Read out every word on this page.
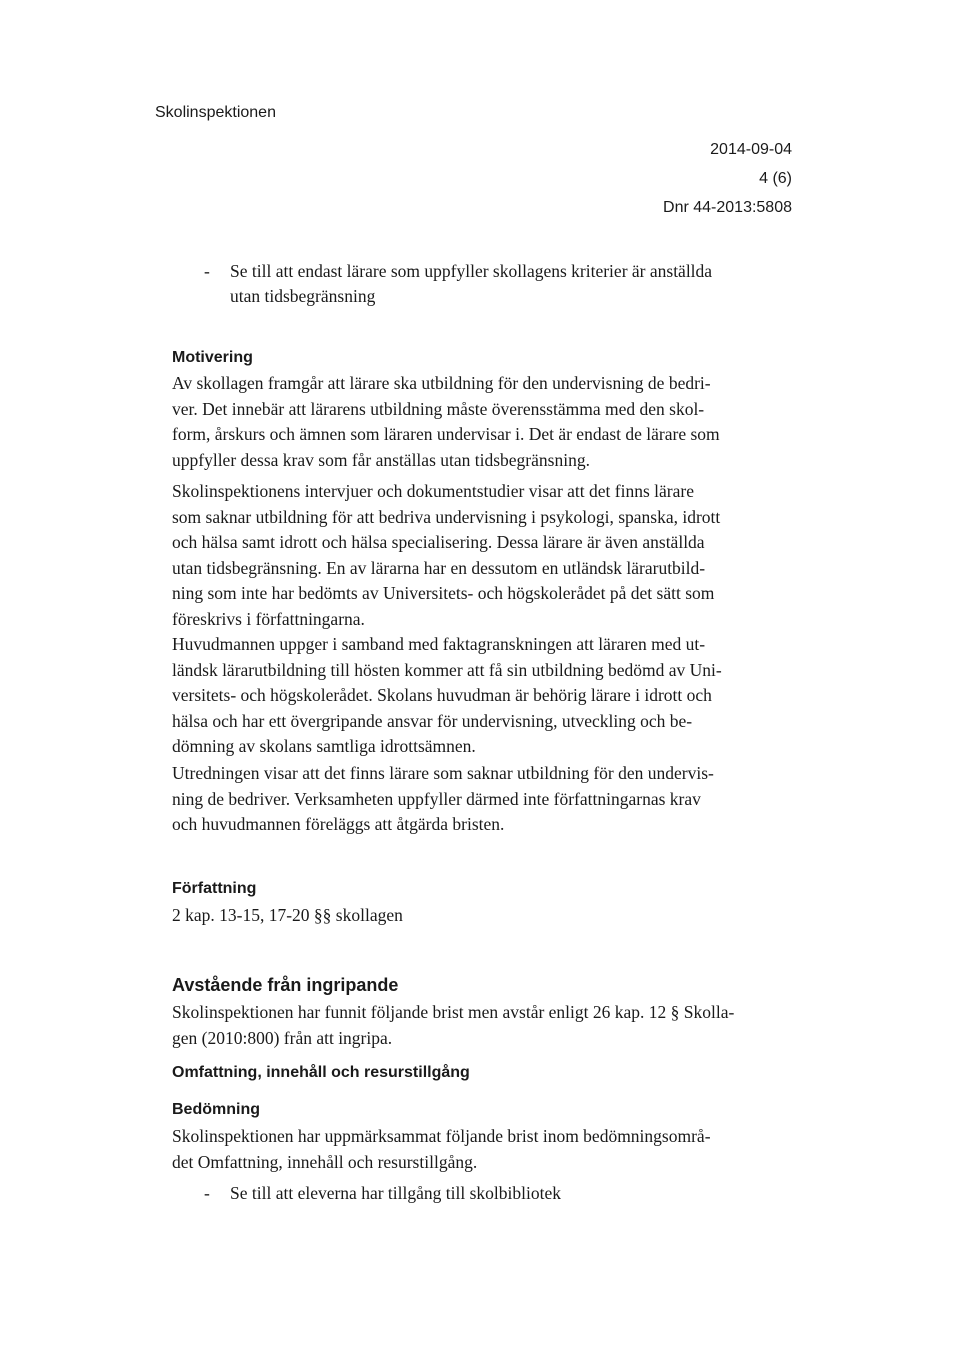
Skolinspektionen
2014-09-04
4 (6)
Dnr 44-2013:5808
- Se till att endast lärare som uppfyller skollagens kriterier är anställda
utan tidsbegränsning
Motivering
Av skollagen framgår att lärare ska utbildning för den undervisning de bedri-
ver. Det innebär att lärarens utbildning måste överensstämma med den skol-
form, årskurs och ämnen som läraren undervisar i. Det är endast de lärare som
uppfyller dessa krav som får anställas utan tidsbegränsning.
Skolinspektionens intervjuer och dokumentstudier visar att det finns lärare
som saknar utbildning för att bedriva undervisning i psykologi, spanska, idrott
och hälsa samt idrott och hälsa specialisering. Dessa lärare är även anställda
utan tidsbegränsning. En av lärarna har en dessutom en utländsk lärarutbild-
ning som inte har bedömts av Universitets- och högskolerådet på det sätt som
föreskrivs i författningarna.
Huvudmannen uppger i samband med faktagranskningen att läraren med ut-
ländsk lärarutbildning till hösten kommer att få sin utbildning bedömd av Uni-
versitets- och högskolerådet. Skolans huvudman är behörig lärare i idrott och
hälsa och har ett övergripande ansvar för undervisning, utveckling och be-
dömning av skolans samtliga idrottsämnen.
Utredningen visar att det finns lärare som saknar utbildning för den undervis-
ning de bedriver. Verksamheten uppfyller därmed inte författningarnas krav
och huvudmannen föreläggs att åtgärda bristen.
Författning
2 kap. 13-15, 17-20 §§ skollagen
Avstående från ingripande
Skolinspektionen har funnit följande brist men avstår enligt 26 kap. 12 § Skolla-
gen (2010:800) från att ingripa.
Omfattning, innehåll och resurstillgång
Bedömning
Skolinspektionen har uppmärksammat följande brist inom bedömningsområ-
det Omfattning, innehåll och resurstillgång.
-	Se till att eleverna har tillgång till skolbibliotek
